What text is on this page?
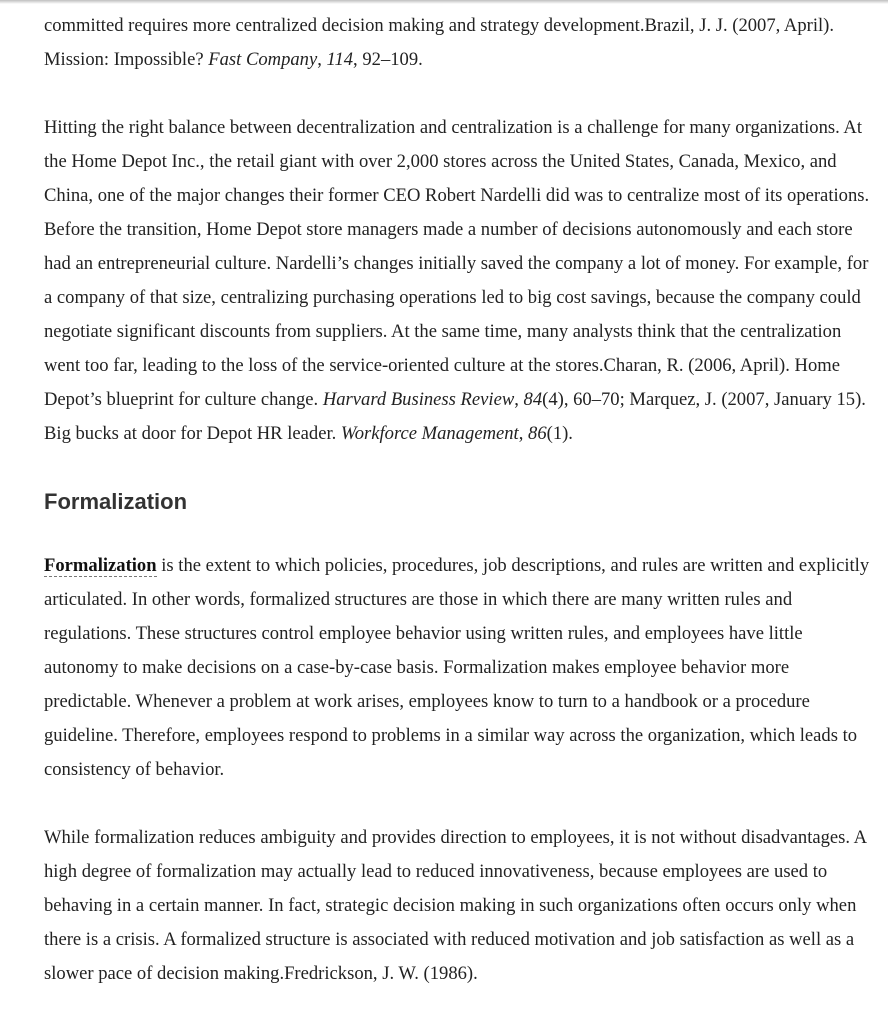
committed requires more centralized decision making and strategy development.Brazil, J. J. (2007, April). Mission: Impossible? Fast Company, 114, 92–109.

Hitting the right balance between decentralization and centralization is a challenge for many organizations. At the Home Depot Inc., the retail giant with over 2,000 stores across the United States, Canada, Mexico, and China, one of the major changes their former CEO Robert Nardelli did was to centralize most of its operations. Before the transition, Home Depot store managers made a number of decisions autonomously and each store had an entrepreneurial culture. Nardelli’s changes initially saved the company a lot of money. For example, for a company of that size, centralizing purchasing operations led to big cost savings, because the company could negotiate significant discounts from suppliers. At the same time, many analysts think that the centralization went too far, leading to the loss of the service-oriented culture at the stores.Charan, R. (2006, April). Home Depot’s blueprint for culture change. Harvard Business Review, 84(4), 60–70; Marquez, J. (2007, January 15). Big bucks at door for Depot HR leader. Workforce Management, 86(1).

Formalization

Formalization is the extent to which policies, procedures, job descriptions, and rules are written and explicitly articulated. In other words, formalized structures are those in which there are many written rules and regulations. These structures control employee behavior using written rules, and employees have little autonomy to make decisions on a case-by-case basis. Formalization makes employee behavior more predictable. Whenever a problem at work arises, employees know to turn to a handbook or a procedure guideline. Therefore, employees respond to problems in a similar way across the organization, which leads to consistency of behavior.

While formalization reduces ambiguity and provides direction to employees, it is not without disadvantages. A high degree of formalization may actually lead to reduced innovativeness, because employees are used to behaving in a certain manner. In fact, strategic decision making in such organizations often occurs only when there is a crisis. A formalized structure is associated with reduced motivation and job satisfaction as well as a slower pace of decision making.Fredrickson, J. W. (1986).
